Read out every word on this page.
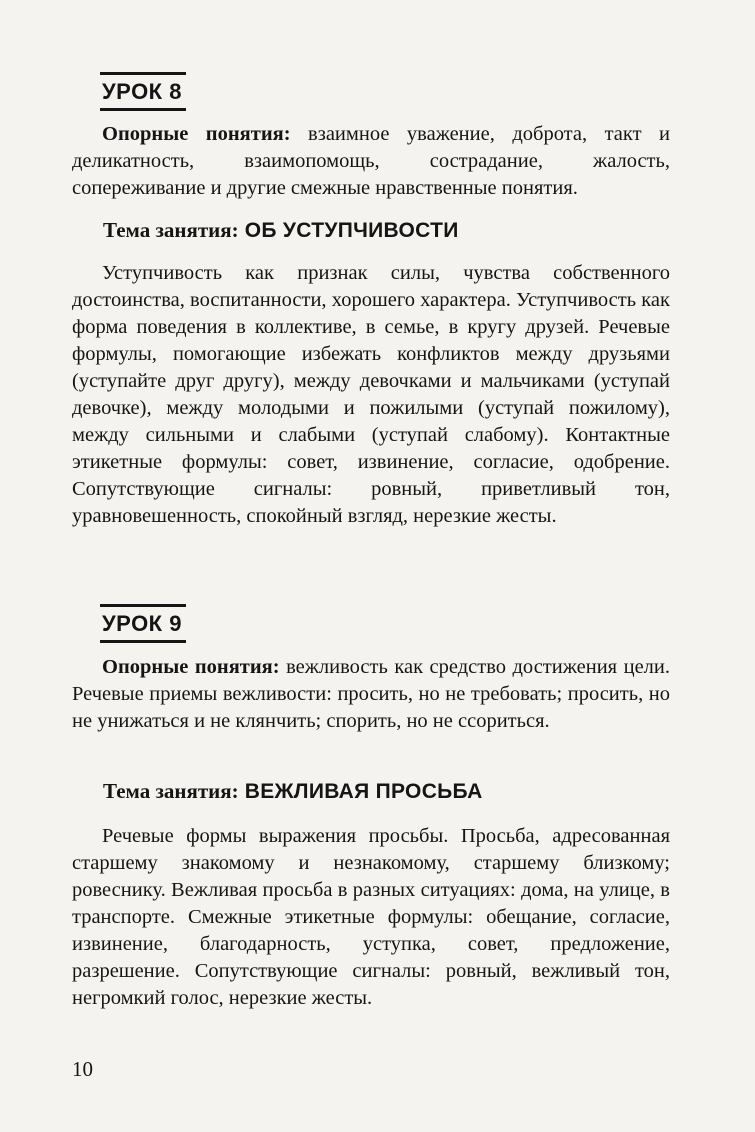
УРОК 8

Опорные понятия: взаимное уважение, доброта, такт и деликатность, взаимопомощь, сострадание, жалость, сопереживание и другие смежные нравственные понятия.

Тема занятия: ОБ УСТУПЧИВОСТИ

Уступчивость как признак силы, чувства собственного достоинства, воспитанности, хорошего характера. Уступчивость как форма поведения в коллективе, в семье, в кругу друзей. Речевые формулы, помогающие избежать конфликтов между друзьями (уступайте друг другу), между девочками и мальчиками (уступай девочке), между молодыми и пожилыми (уступай пожилому), между сильными и слабыми (уступай слабому). Контактные этикетные формулы: совет, извинение, согласие, одобрение. Сопутствующие сигналы: ровный, приветливый тон, уравновешенность, спокойный взгляд, нерезкие жесты.

УРОК 9

Опорные понятия: вежливость как средство достижения цели. Речевые приемы вежливости: просить, но не требовать; просить, но не унижаться и не клянчить; спорить, но не ссориться.

Тема занятия: ВЕЖЛИВАЯ ПРОСЬБА

Речевые формы выражения просьбы. Просьба, адресованная старшему знакомому и незнакомому, старшему близкому; ровеснику. Вежливая просьба в разных ситуациях: дома, на улице, в транспорте. Смежные этикетные формулы: обещание, согласие, извинение, благодарность, уступка, совет, предложение, разрешение. Сопутствующие сигналы: ровный, вежливый тон, негромкий голос, нерезкие жесты.

10
